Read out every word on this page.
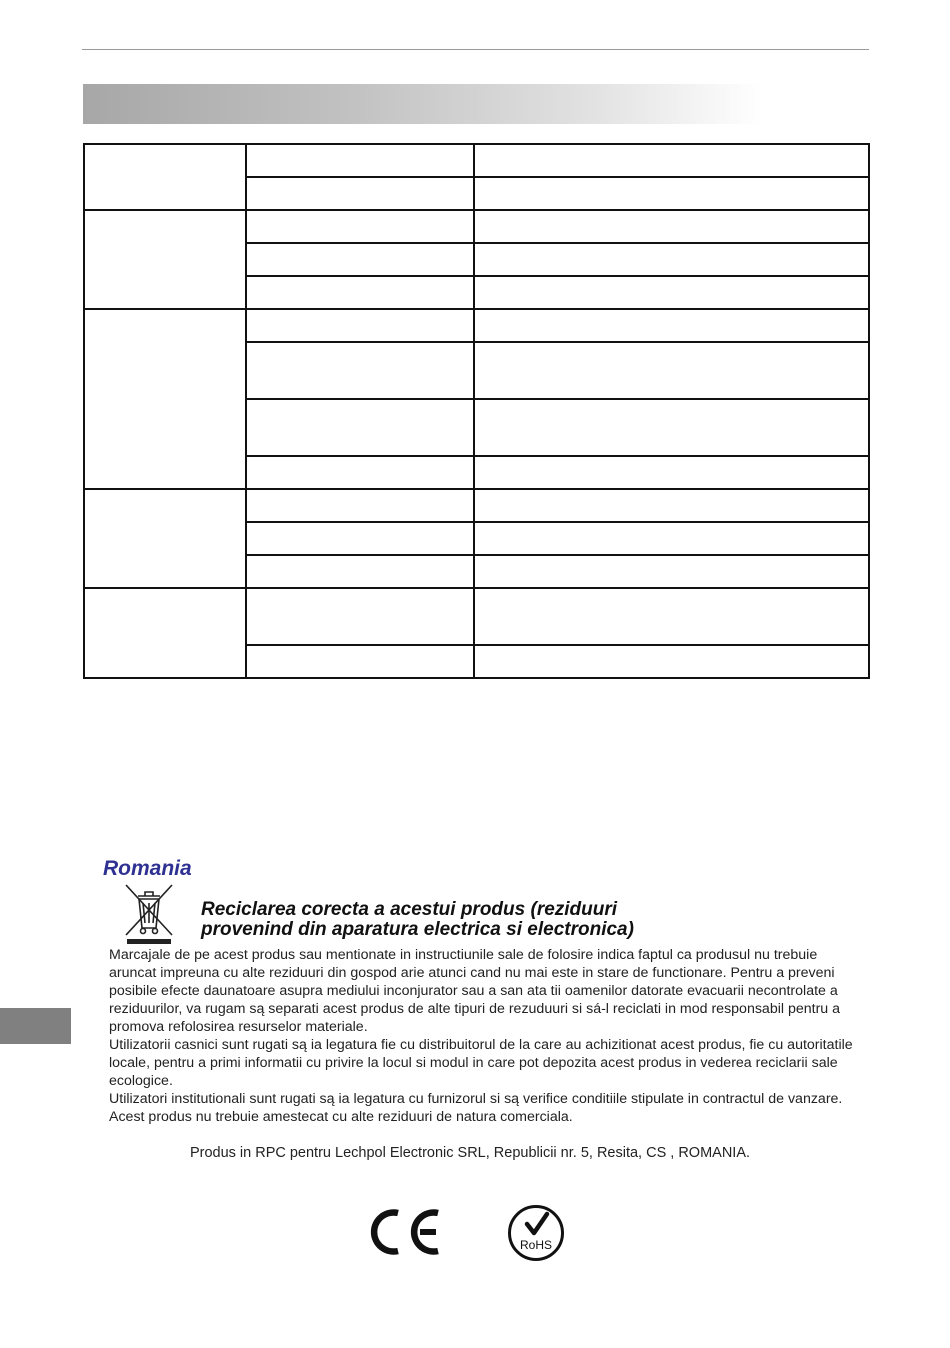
Romania
Reciclarea corecta a acestui produs (reziduuri
provenind din aparatura electrica si electronica)

Marcajale de pe acest produs sau mentionate in instructiunile sale de folosire indica faptul ca produsul nu trebuie aruncat impreuna cu alte reziduuri din gospod arie atunci cand nu mai este in stare de functionare. Pentru a preveni posibile efecte daunatoare asupra mediului inconjurator sau a san ata tii oamenilor datorate evacuarii necontrolate a reziduurilor, va rugam są separati acest produs de alte tipuri de rezuduuri si sá-l reciclati in mod responsabil pentru a promova refolosirea resurselor materiale.

Utilizatorii casnici sunt rugati są ia legatura fie cu distribuitorul de la care au achizitionat acest produs, fie cu autoritatile locale, pentru a primi informatii cu privire la locul si modul in care pot depozita acest produs in vederea reciclarii sale ecologice.

Utilizatori institutionali sunt rugati są ia legatura cu furnizorul si są verifice conditiile stipulate in contractul de vanzare. Acest produs nu trebuie amestecat cu alte reziduuri de natura comerciala.

Produs in RPC pentru Lechpol Electronic SRL, Republicii nr. 5, Resita, CS , ROMANIA.
RoHS
